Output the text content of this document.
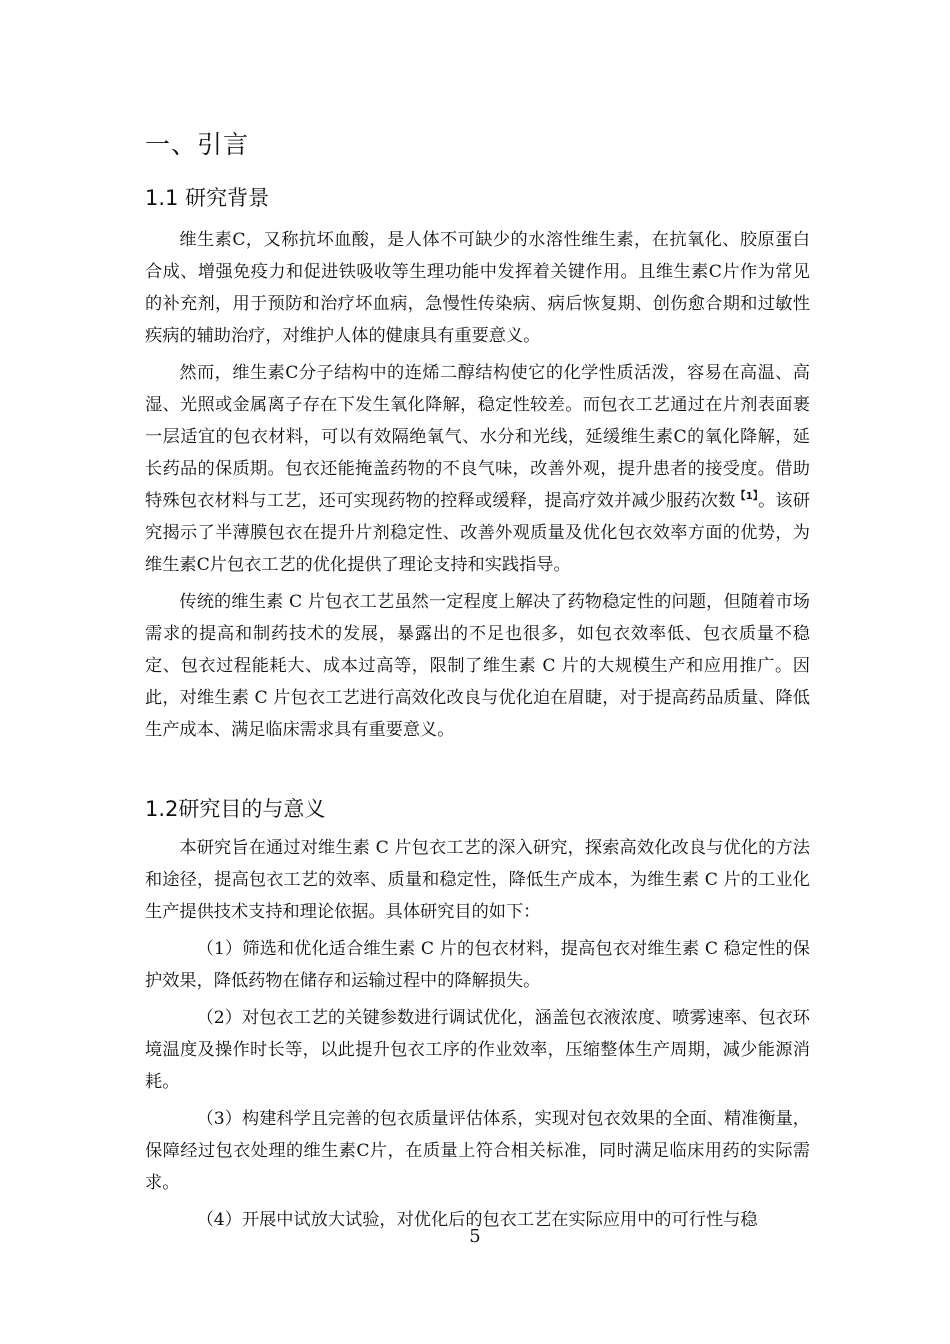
一、引言
1.1 研究背景

维生素C，又称抗坏血酸，是人体不可缺少的水溶性维生素，在抗氧化、胶原蛋白合成、增强免疫力和促进铁吸收等生理功能中发挥着关键作用。且维生素C片作为常见的补充剂，用于预防和治疗坏血病，急慢性传染病、病后恢复期、创伤愈合期和过敏性疾病的辅助治疗，对维护人体的健康具有重要意义。

然而，维生素C分子结构中的连烯二醇结构使它的化学性质活泼，容易在高温、高湿、光照或金属离子存在下发生氧化降解，稳定性较差。而包衣工艺通过在片剂表面裹一层适宜的包衣材料，可以有效隔绝氧气、水分和光线，延缓维生素C的氧化降解，延长药品的保质期。包衣还能掩盖药物的不良气味，改善外观，提升患者的接受度。借助特殊包衣材料与工艺，还可实现药物的控释或缓释，提高疗效并减少服药次数$^{【1】}$。该研究揭示了半薄膜包衣在提升片剂稳定性、改善外观质量及优化包衣效率方面的优势，为维生素C片包衣工艺的优化提供了理论支持和实践指导。

传统的维生素 C 片包衣工艺虽然一定程度上解决了药物稳定性的问题，但随着市场需求的提高和制药技术的发展，暴露出的不足也很多，如包衣效率低、包衣质量不稳定、包衣过程能耗大、成本过高等，限制了维生素 C 片的大规模生产和应用推广。因此，对维生素 C 片包衣工艺进行高效化改良与优化迫在眉睫，对于提高药品质量、降低生产成本、满足临床需求具有重要意义。

1.2研究目的与意义

本研究旨在通过对维生素 C 片包衣工艺的深入研究，探索高效化改良与优化的方法和途径，提高包衣工艺的效率、质量和稳定性，降低生产成本，为维生素 C 片的工业化生产提供技术支持和理论依据。具体研究目的如下：

（1）筛选和优化适合维生素 C 片的包衣材料，提高包衣对维生素 C 稳定性的保护效果，降低药物在储存和运输过程中的降解损失。

（2）对包衣工艺的关键参数进行调试优化，涵盖包衣液浓度、喷雾速率、包衣环境温度及操作时长等，以此提升包衣工序的作业效率，压缩整体生产周期，减少能源消耗。

（3）构建科学且完善的包衣质量评估体系，实现对包衣效果的全面、精准衡量，保障经过包衣处理的维生素C片，在质量上符合相关标准，同时满足临床用药的实际需求。

（4）开展中试放大试验，对优化后的包衣工艺在实际应用中的可行性与稳

5
